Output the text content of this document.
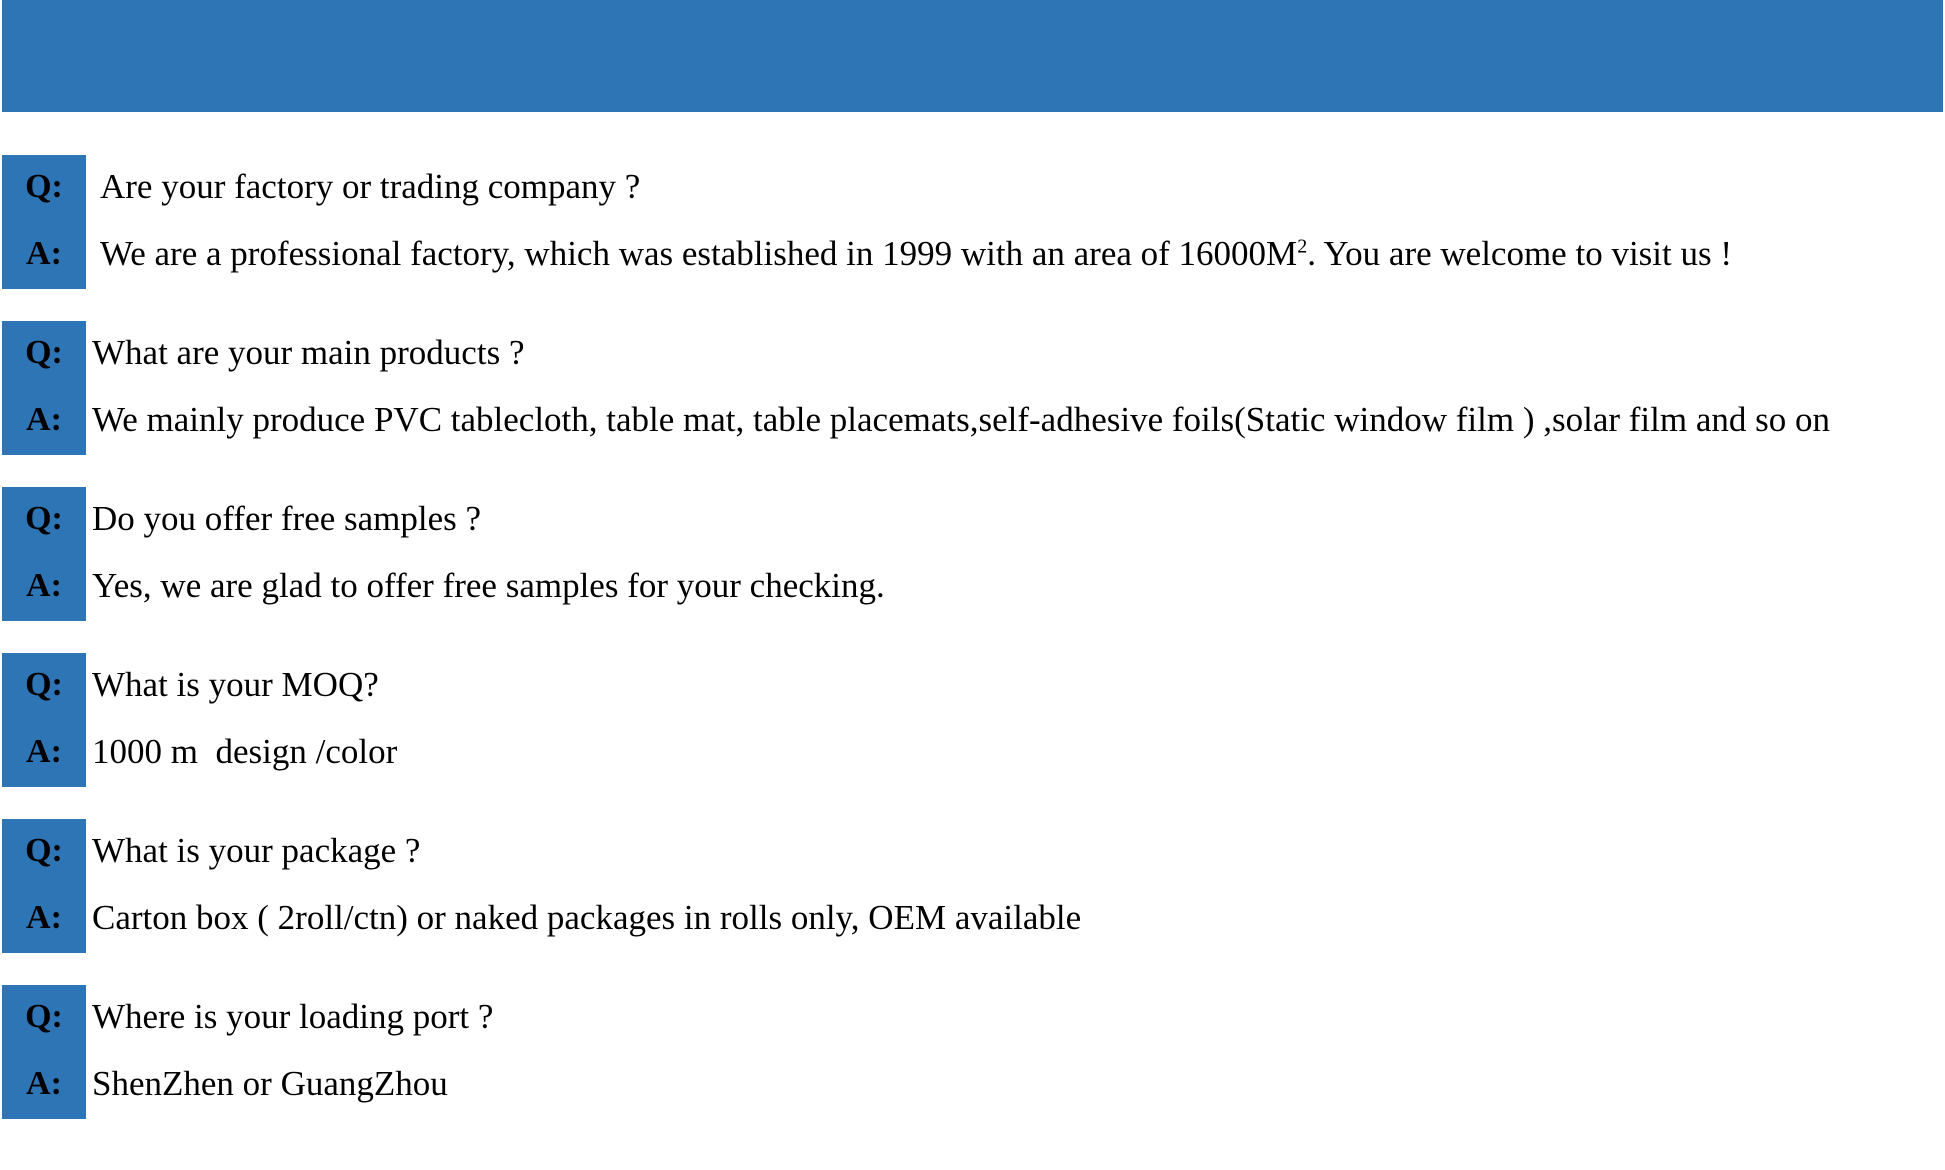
Q:
A:
Are your factory or trading company ?
We are a professional factory, which was established in 1999 with an area of $16000M^2$. You are welcome to visit us !
Q:
A:
What are your main products ?
We mainly produce PVC tablecloth, table mat, table placemats,self-adhesive foils(Static window film ) ,solar film and so on
Q:
A:
Do you offer free samples ?
Yes, we are glad to offer free samples for your checking.
Q:
A:
What is your MOQ?
1000 m  design /color
Q:
A:
What is your package ?
Carton box ( 2roll/ctn) or naked packages in rolls only, OEM available
Q:
A:
Where is your loading port ?
ShenZhen or GuangZhou
